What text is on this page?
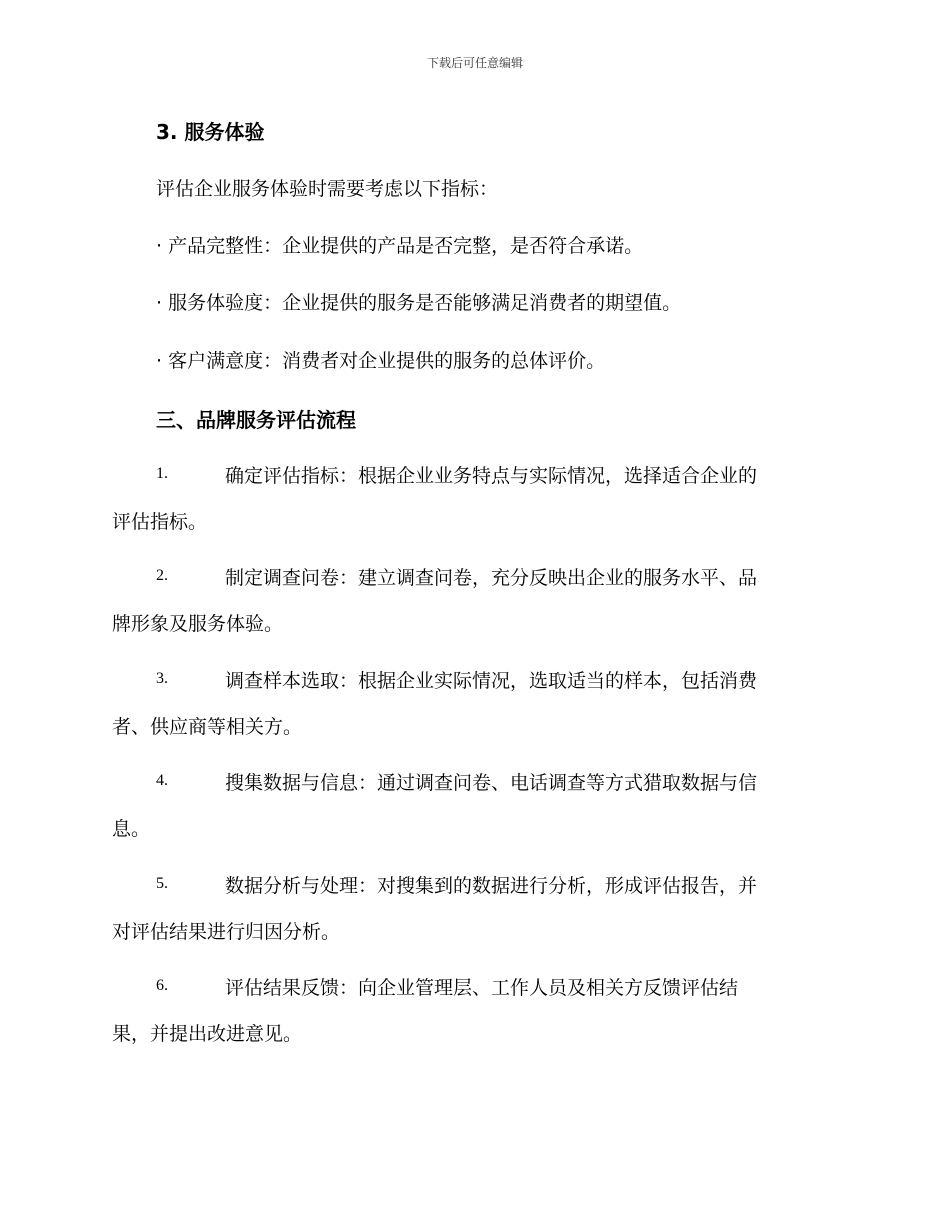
下载后可任意编辑
3. 服务体验
评估企业服务体验时需要考虑以下指标：
· 产品完整性：企业提供的产品是否完整，是否符合承诺。
· 服务体验度：企业提供的服务是否能够满足消费者的期望值。
· 客户满意度：消费者对企业提供的服务的总体评价。
三、品牌服务评估流程
1.	确定评估指标：根据企业业务特点与实际情况，选择适合企业的
评估指标。
2.	制定调查问卷：建立调查问卷，充分反映出企业的服务水平、品
牌形象及服务体验。
3.	调查样本选取：根据企业实际情况，选取适当的样本，包括消费
者、供应商等相关方。
4.	搜集数据与信息：通过调查问卷、电话调查等方式猎取数据与信
息。
5.	数据分析与处理：对搜集到的数据进行分析，形成评估报告，并
对评估结果进行归因分析。
6.	评估结果反馈：向企业管理层、工作人员及相关方反馈评估结
果，并提出改进意见。
